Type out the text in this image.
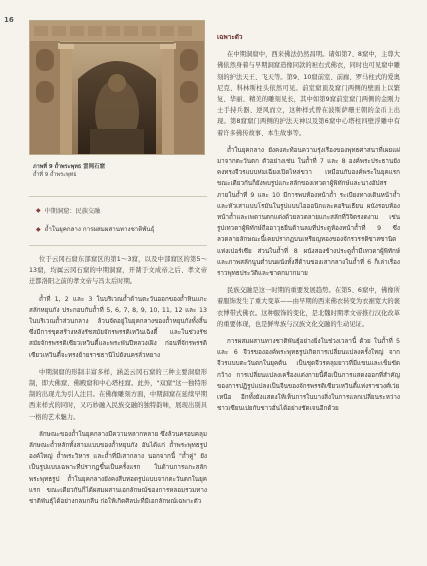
16
ภาพที่ 9 ถ้ำพระพุทธ 雲岡石窟
ถ้ำที่ 9 ถ้ำพระพุทธ
◆ 中期洞窟：民族交融
◆ ถ้ำในยุคกลาง การผสมผสานทางชาติพันธุ์

位于云冈石窟东部窟区的第1～3窟，以及中部窟区的第5～13窟，均属云冈石窟的中期洞窟，开凿于文成帝之后、孝文帝迁都洛阳之前的孝文帝与冯太后时期。

ถ้ำที่ 1, 2 และ 3 ในบริเวณถ้ำด้านตะวันออกของถ้ำหินแกะสลักหยุนกัง ประกอบกับถ้ำที่ 5, 6, 7, 8, 9, 10, 11, 12 และ 13 ในบริเวณถ้ำส่วนกลาง ล้วนจัดอยู่ในยุคกลางของถ้ำหยุนกังทั้งสิ้น ซึ่งมีการขุดสร้างหลังรัชสมัยจักรพรรดิเหวินเฉิงตี้ และในช่วงรัชสมัยจักรพรรดิเซียวเหวินตี้และพระพันปีหลวงเฝิง ก่อนที่จักรพรรดิเซียวเหวินตี้จะทรงย้ายราชธานีไปยังนครลั่วหยาง

中期洞窟的形制丰富多样，涵盖云冈石窟的三种主要洞窟形制，即大佛窟、佛殿窟和中心塔柱窟。此外，"双窟"这一独特形制的出现尤为引人注目。在佛像雕刻方面，中期洞窟在延续早期西来样式的同时，又巧妙融入民族交融的独特韵味，展现出别具一格的艺术魅力。

ลักษณะของถ้ำในยุคกลางมีความหลากหลาย ซึ่งล้วนครอบคลุมลักษณะถ้ำหลักทั้งสามแบบของถ้ำหยุนกัง อันได้แก่ ถ้ำพระพุทธรูปองค์ใหญ่ ถ้ำพระวิหาร และถ้ำที่มีเสากลาง นอกจากนี้ "ถ้ำคู่" ยังเป็นรูปแบบเฉพาะที่ปรากฏขึ้นเป็นครั้งแรก ในด้านการแกะสลักพระพุทธรูป ถ้ำในยุคกลางยังคงสืบทอดรูปแบบจากตะวันตกในยุคแรก ขณะเดียวกันก็ได้ผสมผสานเอกลักษณ์ของการหลอมรวมทางชาติพันธุ์ได้อย่างกลมกลืน ก่อให้เกิดศิลปะที่มีเอกลักษณ์เฉพาะตัว

เฉพาะตัว

在中期洞窟中，西来佛法仍然昌明。诸如第7、8窟中，主尊大佛依然身着与早期洞窟造像同款的袒右式佛衣，同时也可见窟中雕刻的护法天王、飞天等。第9、10窟前室、前廊、罗马柱式的爱奥尼克、科林斯柱头依然可见。前室窟顶及窟门两侧的壁面上以繁复、华丽、精美的雕刻见长，其中如第9窟前室窟门两侧的金刚力士手持兵器、逆风而立，这种样式曾在波斯萨珊王朝的金币上出现。第8窟窟门两侧的护法天神以及第6窟中心塔柱四壁浮雕中有着许多佛传故事、本生故事等。

ถ้ำในยุคกลาง ยังคงสะท้อนความรุ่งเรืองของพุทธศาสนาที่เผยแผ่มาจากตะวันตก ตัวอย่างเช่น ในถ้ำที่ 7 และ 8 องค์พระประธานยังคงทรงจีวรแบบห่มเฉียงเปิดไหล่ขวา เหมือนกับองค์พระในยุคแรก ขณะเดียวกันก็ยังพบรูปแกะสลักของเทวดาผู้พิทักษ์และนางอัปสร ภายในถ้ำที่ 9 และ 10 มีการพบห้องหน้าถ้ำ ระเบียงทางเดินหน้าถ้ำ และหัวเสาแบบโรมันในรูปแบบไอออนิกและคอรินเธียน ผนังรอบห้องหน้าถ้ำและเพดานตกแต่งด้วยลวดลายแกะสลักที่วิจิตรงดงาม เช่น รูปเทวดาผู้พิทักษ์ถืออาวุธยืนต้านลมที่ประตูห้องหน้าถ้ำที่ 9 ซึ่งลวดลายลักษณะนี้เคยปรากฏบนเหรียญทองของจักรวรรดิซาสซานิดแห่งเปอร์เซีย ส่วนในถ้ำที่ 8 ผนังสองข้างประตูถ้ำมีเทวดาผู้พิทักษ์ และภาพสลักนูนต่ำบนผนังทั้งสี่ด้านของเสากลางในถ้ำที่ 6 ก็เล่าเรื่องราวพุทธประวัติและชาดกมากมาย

民族交融是这一时期的重要发展趋势。在第5、6窟中，佛像所着服饰发生了重大变革——由早期的西来佛衣转变为衣裾宽大的褒衣博带式佛衣。这种服饰的变化，是北魏时期孝文帝推行汉化改革的重要体现，也是鲜卑族与汉族文化交融的生动见证。

การผสมผสานทางชาติพันธุ์อย่างยิ่งในช่วงเวลานี้ ด้วย ในถ้ำที่ 5 และ 6 จีวรขององค์พระพุทธรูปเกิดการเปลี่ยนแปลงครั้งใหญ่ จากจีวรแบบตะวันตกในยุคต้น เป็นชุดจีวรคลุมยาวที่มีแขนและเข็มขัดกว้าง การเปลี่ยนแปลงเครื่องแต่งกายนี้คือเป็นการแสดงออกที่สำคัญของการปฏิรูปแปลงเป็นจีนของจักรพรรดิเซียวเหวินตี้แห่งราชวงศ์เว่ยเหนือ อีกทั้งยังแสดงให้เห็นการในบางสิ่งในการแลกเปลี่ยนระหว่างชาวเซียนเปยกับชาวฮั่นได้อย่างชัดเจนอีกด้วย
